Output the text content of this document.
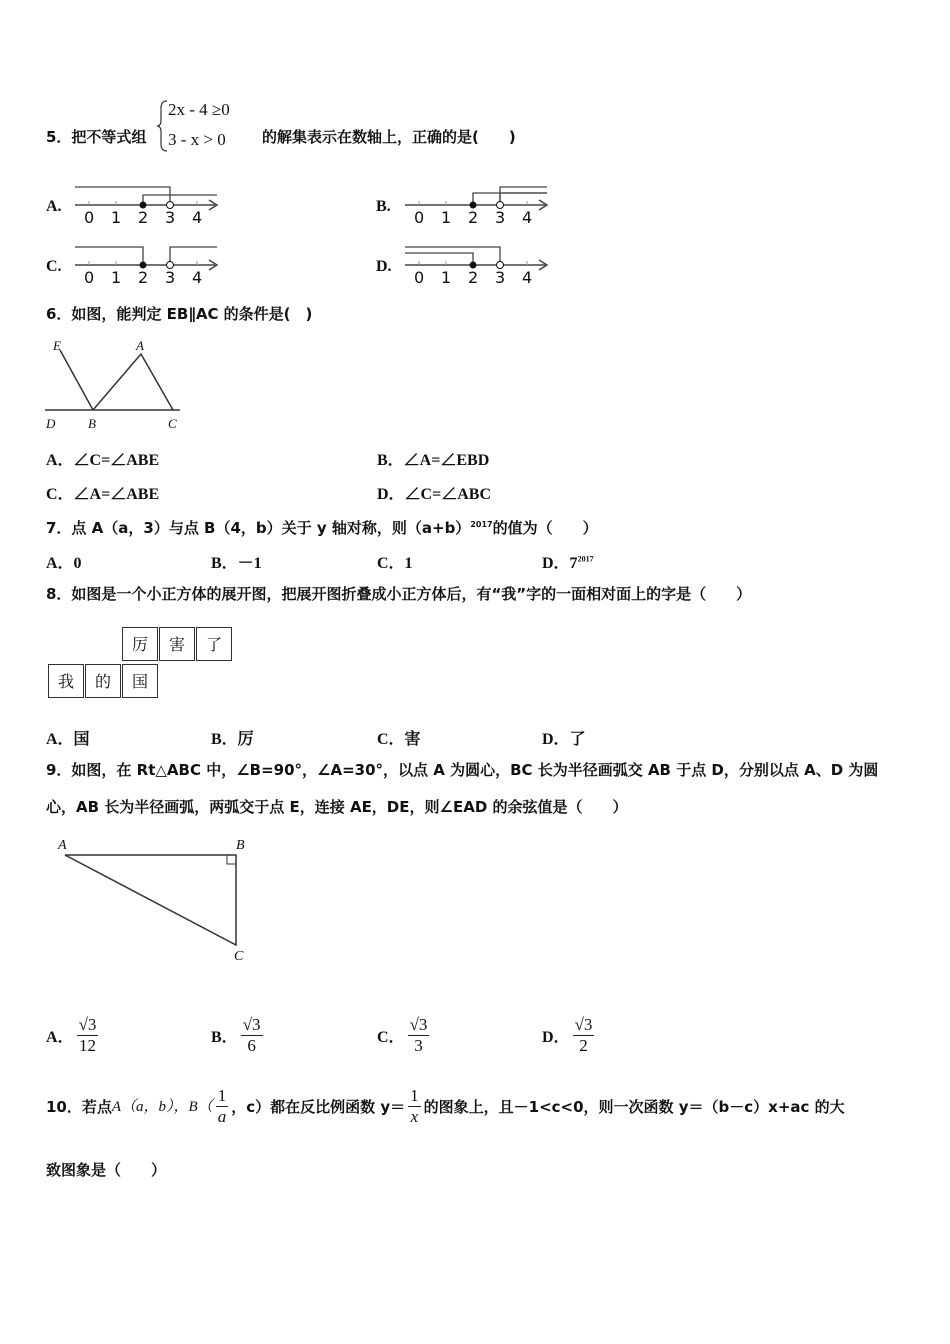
5．把不等式组
2x - 4 ≥0
3 - x > 0 的解集表示在数轴上，正确的是(　　)
A.	B.
C.	D.
0 1 2 3 4	0 1 2 3 4
0 1 2 3 4	0 1 2 3 4
6．如图，能判定 EB∥AC 的条件是(　)
E	A
D	B	C
A．∠C=∠ABE	B．∠A=∠EBD
C．∠A=∠ABE	D．∠C=∠ABC
7．点 A（a，3）与点 B（4，b）关于 y 轴对称，则$(a+b)^{2017}$的值为（　　）
A．0	B．－1	C．1	D．$7^{2017}$
8．如图是一个小正方体的展开图，把展开图折叠成小正方体后，有“我”字的一面相对面上的字是（　　）
厉	害	了
我	的	国
A．国	B．厉	C．害	D．了
9．如图，在 Rt△ABC 中，∠B=90°，∠A=30°，以点 A 为圆心，BC 长为半径画弧交 AB 于点 D，分别以点 A、D 为圆
心，AB 长为半径画弧，两弧交于点 E，连接 AE，DE，则∠EAD 的余弦值是（　　）
A	B
C
A． $\frac{√3}{12}$	B． $\frac{√3}{6}$	C． $\frac{√3}{3}$	D． $\frac{√3}{2}$
10．若点 A（a，b）， $B( \frac{1}{a}$ ，c）都在反比例函数 $y= \frac{1}{x}$ 的图象上，且－1<c<0，则一次函数 y＝（b－c）x+ac 的大
致图象是（　　）
